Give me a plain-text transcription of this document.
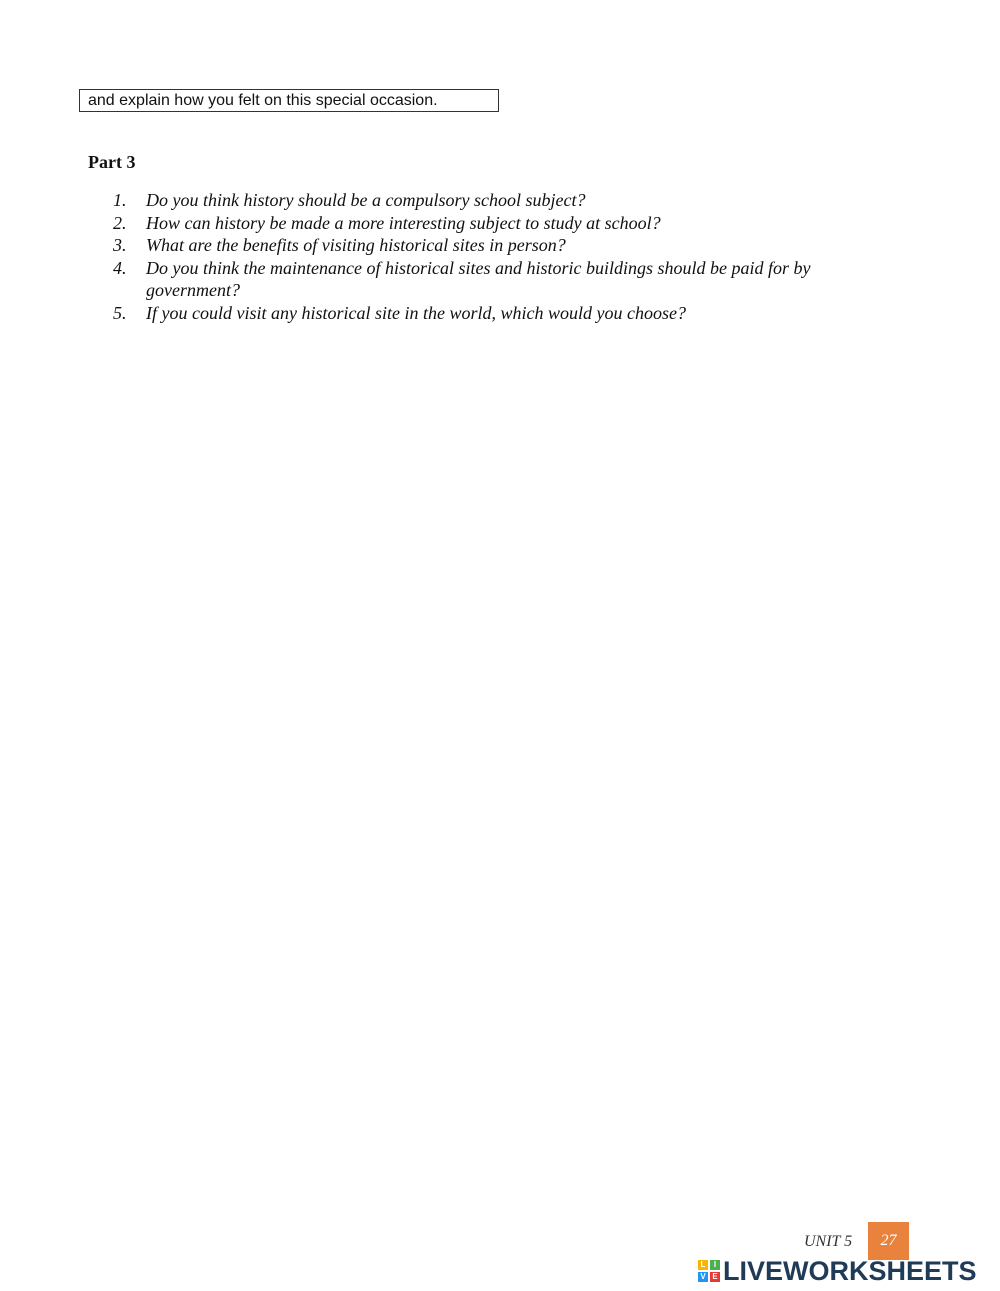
and explain how you felt on this special occasion.
Part 3
1.	Do you think history should be a compulsory school subject?
2.	How can history be made a more interesting subject to study at school?
3.	What are the benefits of visiting historical sites in person?
4.	Do you think the maintenance of historical sites and historic buildings should be paid for by government?
5.	If you could visit any historical site in the world, which would you choose?
UNIT 5	27
L	I
V E LIVEWORKSHEETS
